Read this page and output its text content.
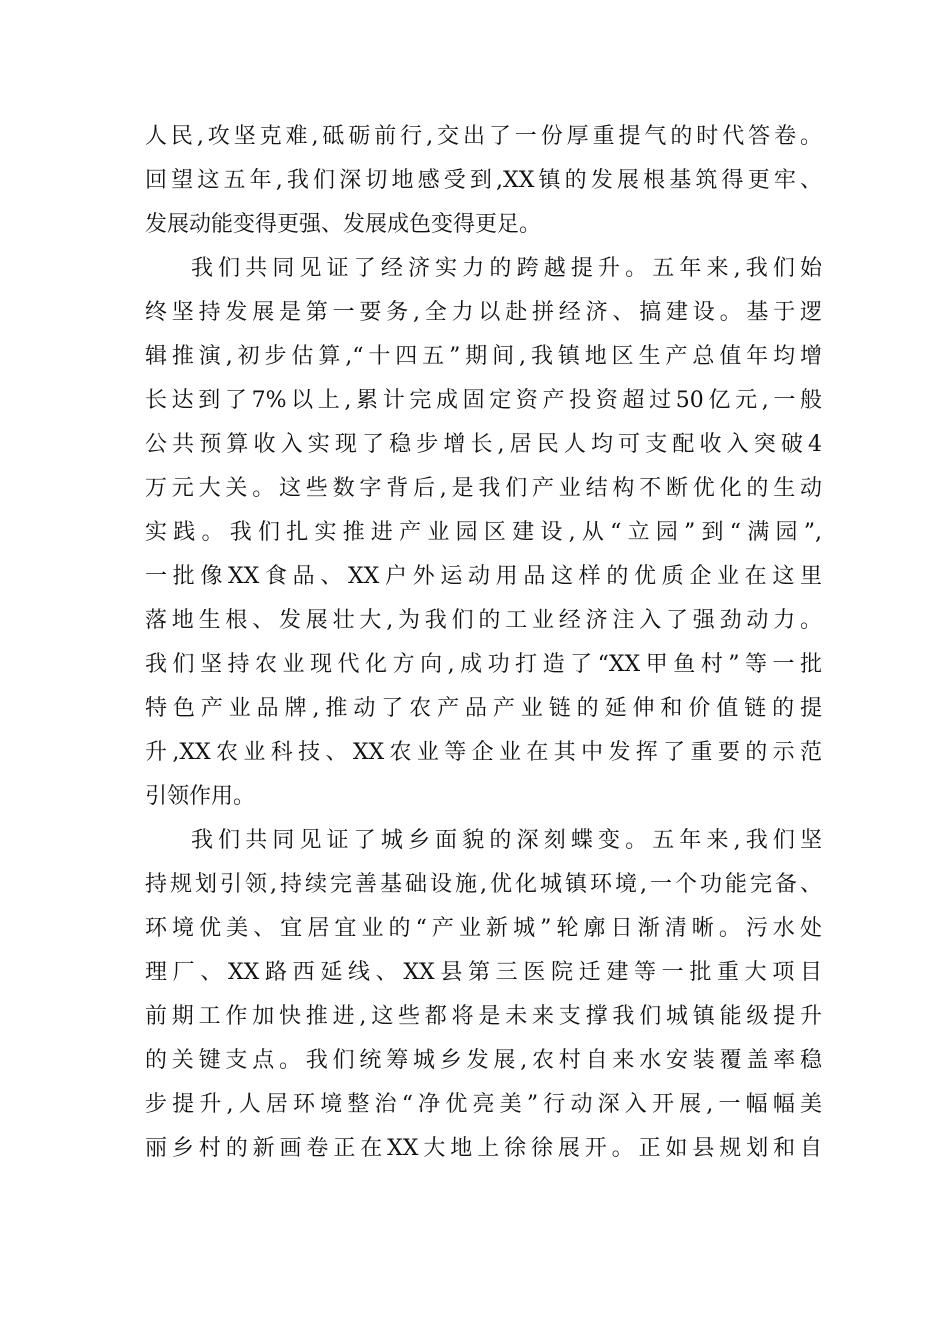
人民,攻坚克难,砥砺前行,交出了一份厚重提气的时代答卷。
回望这五年,我们深切地感受到,XX镇的发展根基筑得更牢、
发展动能变得更强、发展成色变得更足。
我们共同见证了经济实力的跨越提升。五年来,我们始
终坚持发展是第一要务,全力以赴拼经济、搞建设。基于逻
辑推演,初步估算,“十四五”期间,我镇地区生产总值年均增
长达到了7%以上,累计完成固定资产投资超过50亿元,一般
公共预算收入实现了稳步增长,居民人均可支配收入突破4
万元大关。这些数字背后,是我们产业结构不断优化的生动
实践。我们扎实推进产业园区建设,从“立园”到“满园”,
一批像XX食品、XX户外运动用品这样的优质企业在这里
落地生根、发展壮大,为我们的工业经济注入了强劲动力。
我们坚持农业现代化方向,成功打造了“XX甲鱼村”等一批
特色产业品牌,推动了农产品产业链的延伸和价值链的提
升,XX农业科技、XX农业等企业在其中发挥了重要的示范
引领作用。
我们共同见证了城乡面貌的深刻蝶变。五年来,我们坚
持规划引领,持续完善基础设施,优化城镇环境,一个功能完备、
环境优美、宜居宜业的“产业新城”轮廓日渐清晰。污水处
理厂、XX路西延线、XX县第三医院迁建等一批重大项目
前期工作加快推进,这些都将是未来支撑我们城镇能级提升
的关键支点。我们统筹城乡发展,农村自来水安装覆盖率稳
步提升,人居环境整治“净优亮美”行动深入开展,一幅幅美
丽乡村的新画卷正在XX大地上徐徐展开。正如县规划和自
